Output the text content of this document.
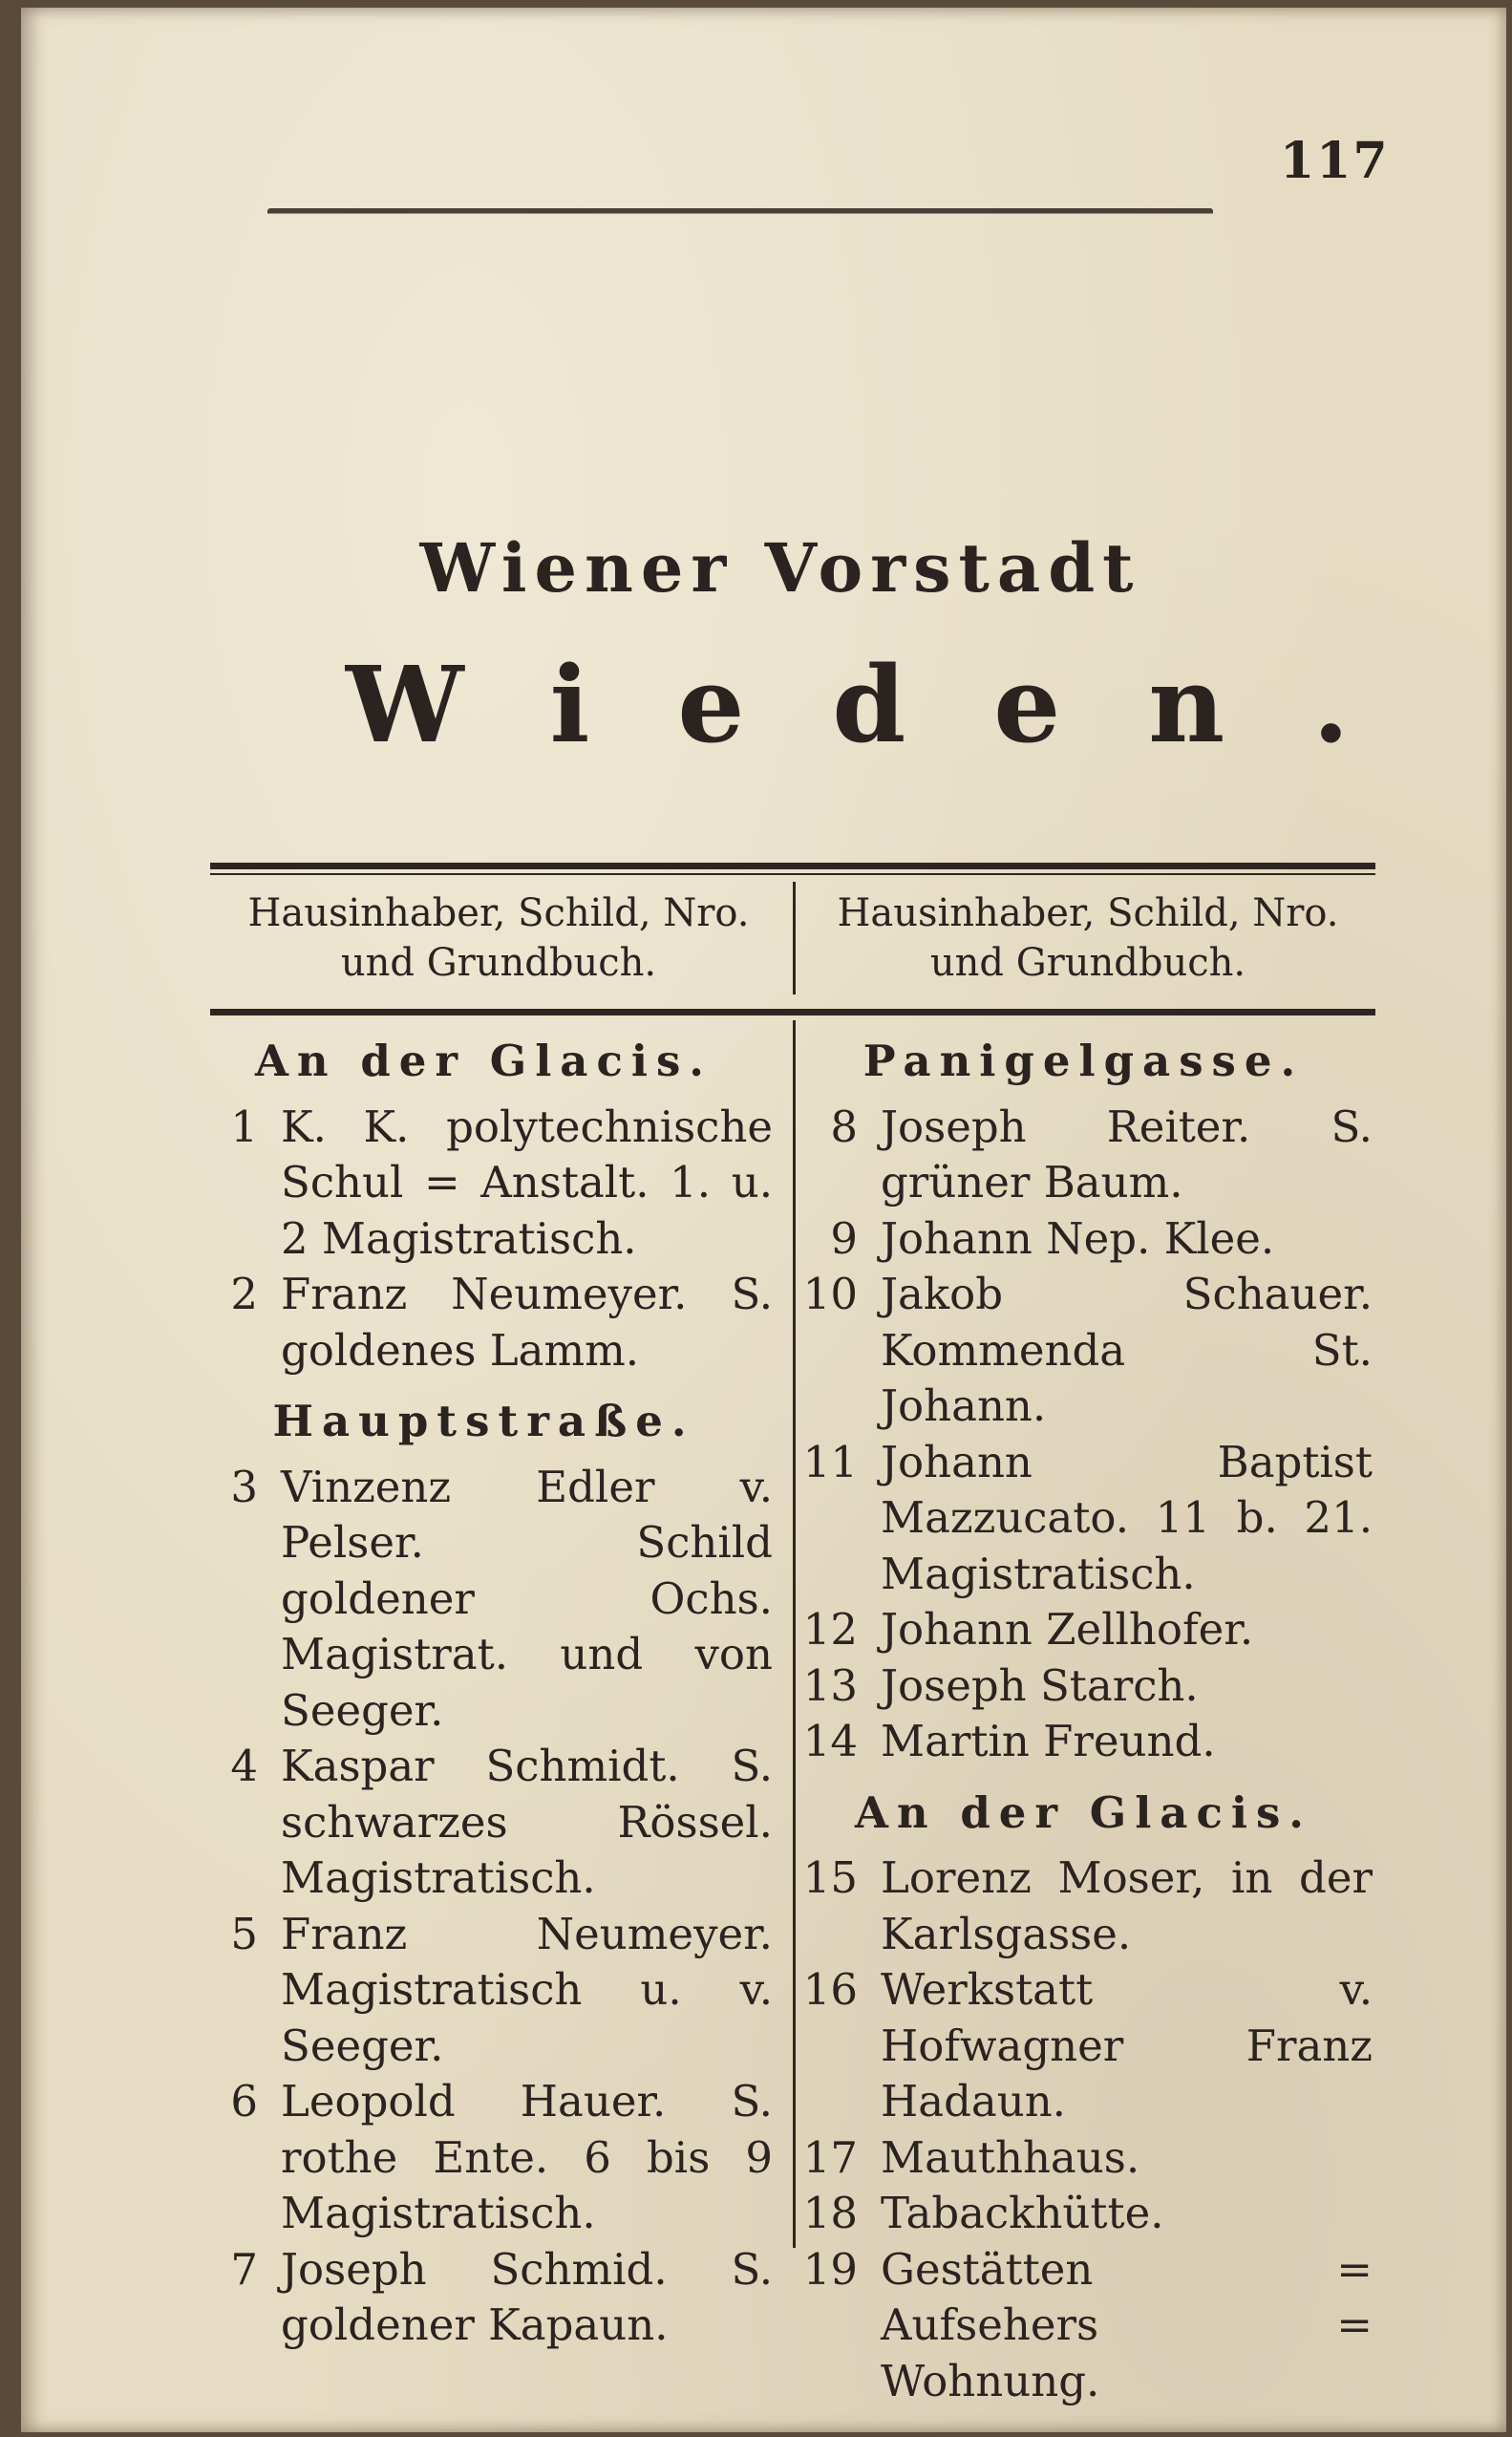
117
Wiener Vorstadt
Wieden.
Hausinhaber, Schild, Nro. und Grundbuch.
Hausinhaber, Schild, Nro. und Grundbuch.
An der Glacis.
1 K. K. polytechnische Schul = Anstalt. 1. u. 2 Magistratisch.
2 Franz Neumeyer. S. goldenes Lamm.
Hauptstraße.
3 Vinzenz Edler v. Pelser. Schild goldener Ochs. Magistrat. und von Seeger.
4 Kaspar Schmidt. S. schwarzes Rössel. Magistratisch.
5 Franz Neumeyer. Magistratisch u. v. Seeger.
6 Leopold Hauer. S. rothe Ente. 6 bis 9 Magistratisch.
7 Joseph Schmid. S. goldener Kapaun.
Panigelgasse.
8 Joseph Reiter. S. grüner Baum.
9 Johann Nep. Klee.
10 Jakob Schauer. Kommenda St. Johann.
11 Johann Baptist Mazzucato. 11 b. 21. Magistratisch.
12 Johann Zellhofer.
13 Joseph Starch.
14 Martin Freund.
An der Glacis.
15 Lorenz Moser, in der Karlsgasse.
16 Werkstatt v. Hofwagner Franz Hadaun.
17 Mauthhaus.
18 Tabackhütte.
19 Gestätten = Aufsehers = Wohnung.
